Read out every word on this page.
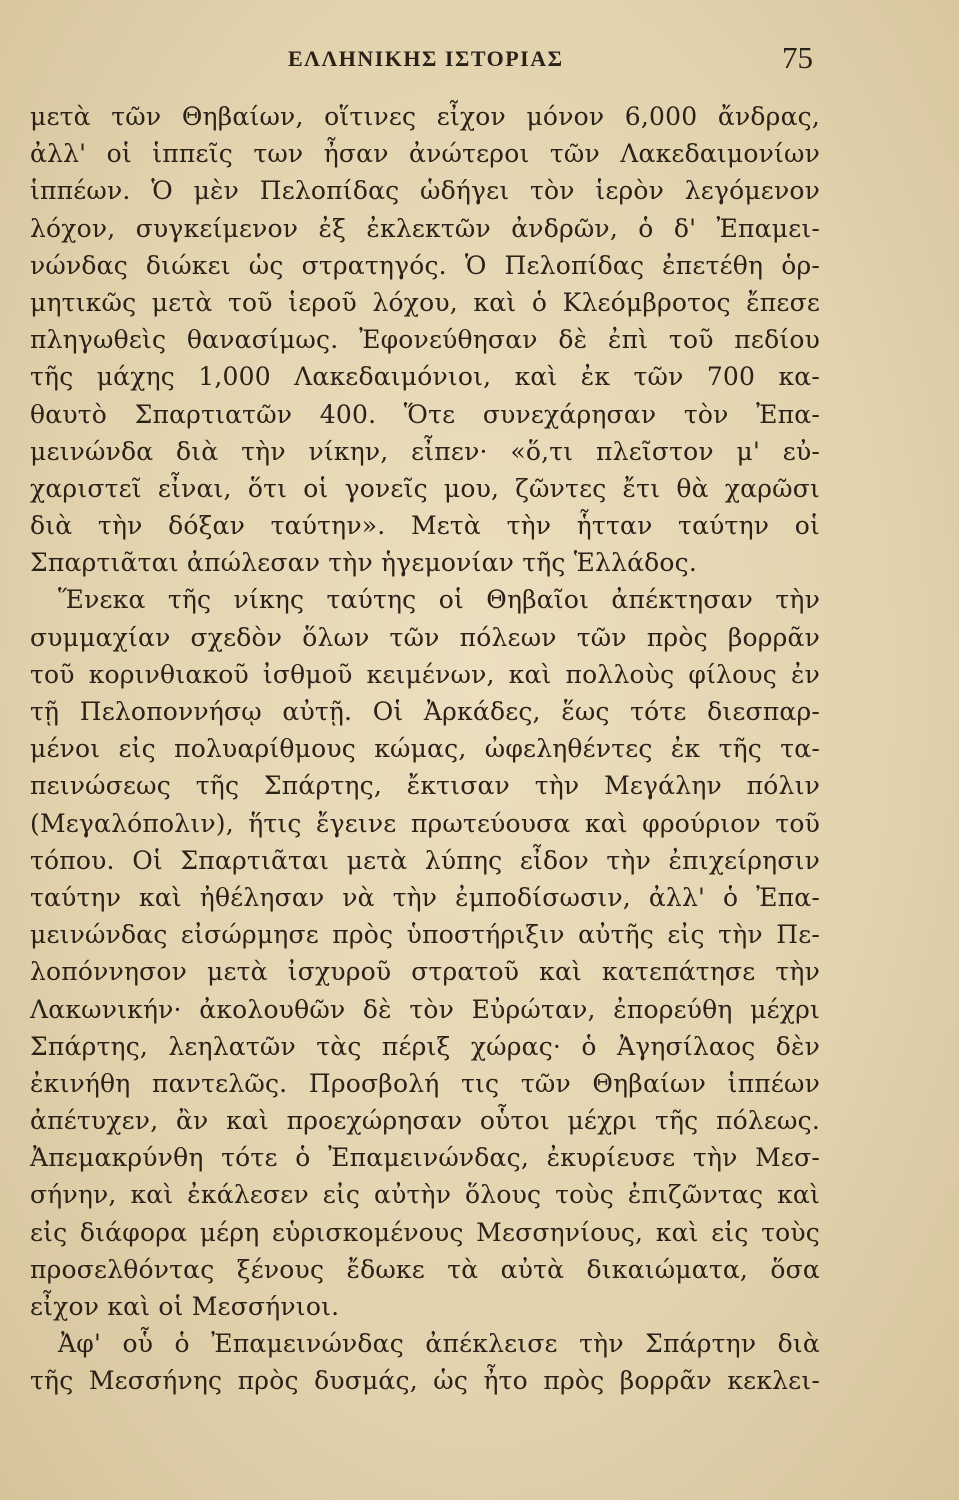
ΕΛΛΗΝΙΚΗΣ ΙΣΤΟΡΙΑΣ	75
μετὰ τῶν Θηβαίων, οἵτινες εἶχον μόνον 6,000 ἄνδρας,
ἀλλ' οἱ ἱππεῖς των ἦσαν ἀνώτεροι τῶν Λακεδαιμονίων
ἱππέων. Ὁ μὲν Πελοπίδας ὡδήγει τὸν ἱερὸν λεγόμενον
λόχον, συγκείμενον ἐξ ἐκλεκτῶν ἀνδρῶν, ὁ δ' Ἐπαμει-
νώνδας διώκει ὡς στρατηγός. Ὁ Πελοπίδας ἐπετέθη ὁρ-
μητικῶς μετὰ τοῦ ἱεροῦ λόχου, καὶ ὁ Κλεόμβροτος ἔπεσε
πληγωθεὶς θανασίμως. Ἐφονεύθησαν δὲ ἐπὶ τοῦ πεδίου
τῆς μάχης 1,000 Λακεδαιμόνιοι, καὶ ἐκ τῶν 700 κα-
θαυτὸ Σπαρτιατῶν 400. Ὅτε συνεχάρησαν τὸν Ἐπα-
μεινώνδα διὰ τὴν νίκην, εἶπεν· «ὅ,τι πλεῖστον μ' εὐ-
χαριστεῖ εἶναι, ὅτι οἱ γονεῖς μου, ζῶντες ἔτι θὰ χαρῶσι
διὰ τὴν δόξαν ταύτην». Μετὰ τὴν ἧτταν ταύτην οἱ
Σπαρτιᾶται ἀπώλεσαν τὴν ἡγεμονίαν τῆς Ἑλλάδος.
Ἕνεκα τῆς νίκης ταύτης οἱ Θηβαῖοι ἀπέκτησαν τὴν
συμμαχίαν σχεδὸν ὅλων τῶν πόλεων τῶν πρὸς βορρᾶν
τοῦ κορινθιακοῦ ἰσθμοῦ κειμένων, καὶ πολλοὺς φίλους ἐν
τῇ Πελοποννήσῳ αὐτῇ. Οἱ Ἀρκάδες, ἕως τότε διεσπαρ-
μένοι εἰς πολυαρίθμους κώμας, ὠφεληθέντες ἐκ τῆς τα-
πεινώσεως τῆς Σπάρτης, ἔκτισαν τὴν Μεγάλην πόλιν
(Μεγαλόπολιν), ἥτις ἔγεινε πρωτεύουσα καὶ φρούριον τοῦ
τόπου. Οἱ Σπαρτιᾶται μετὰ λύπης εἶδον τὴν ἐπιχείρησιν
ταύτην καὶ ἠθέλησαν νὰ τὴν ἐμποδίσωσιν, ἀλλ' ὁ Ἐπα-
μεινώνδας εἰσώρμησε πρὸς ὑποστήριξιν αὐτῆς εἰς τὴν Πε-
λοπόννησον μετὰ ἰσχυροῦ στρατοῦ καὶ κατεπάτησε τὴν
Λακωνικήν· ἀκολουθῶν δὲ τὸν Εὐρώταν, ἐπορεύθη μέχρι
Σπάρτης, λεηλατῶν τὰς πέριξ χώρας· ὁ Ἀγησίλαος δὲν
ἐκινήθη παντελῶς. Προσβολή τις τῶν Θηβαίων ἱππέων
ἀπέτυχεν, ἂν καὶ προεχώρησαν οὗτοι μέχρι τῆς πόλεως.
Ἀπεμακρύνθη τότε ὁ Ἐπαμεινώνδας, ἐκυρίευσε τὴν Μεσ-
σήνην, καὶ ἐκάλεσεν εἰς αὐτὴν ὅλους τοὺς ἐπιζῶντας καὶ
εἰς διάφορα μέρη εὑρισκομένους Μεσσηνίους, καὶ εἰς τοὺς
προσελθόντας ξένους ἔδωκε τὰ αὐτὰ δικαιώματα, ὅσα
εἶχον καὶ οἱ Μεσσήνιοι.
Ἀφ' οὗ ὁ Ἐπαμεινώνδας ἀπέκλεισε τὴν Σπάρτην διὰ
τῆς Μεσσήνης πρὸς δυσμάς, ὡς ἦτο πρὸς βορρᾶν κεκλει-
